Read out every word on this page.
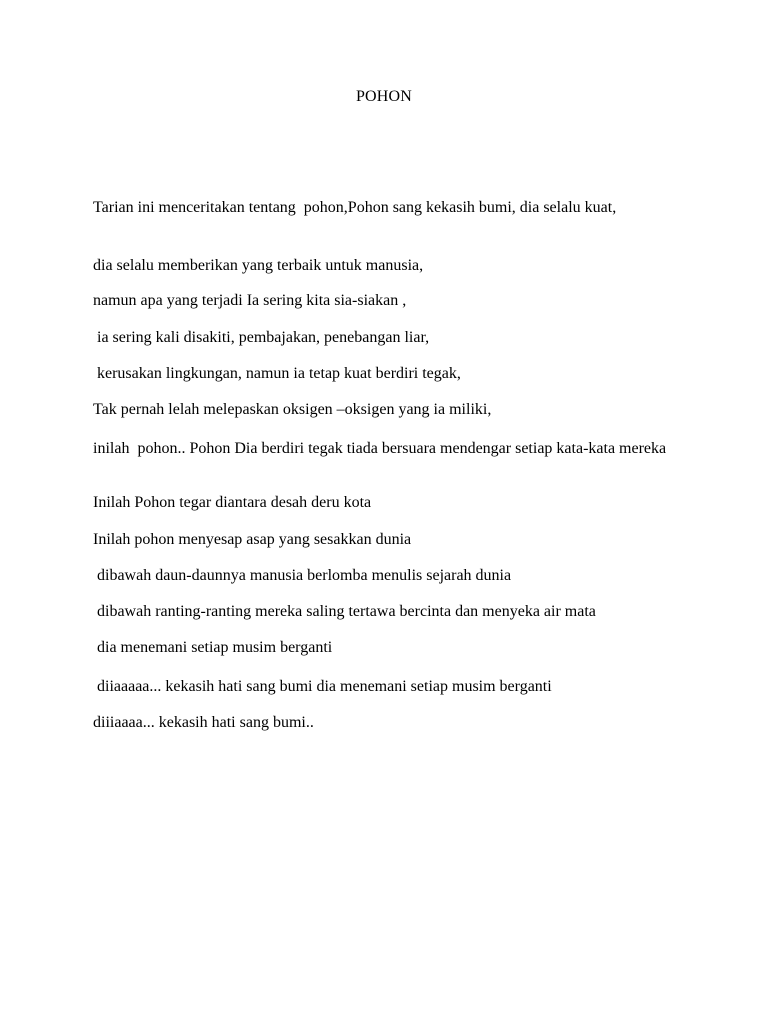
POHON
Tarian ini menceritakan tentang  pohon,Pohon sang kekasih bumi, dia selalu kuat,
dia selalu memberikan yang terbaik untuk manusia,
namun apa yang terjadi Ia sering kita sia-siakan ,
ia sering kali disakiti, pembajakan, penebangan liar,
kerusakan lingkungan, namun ia tetap kuat berdiri tegak,
Tak pernah lelah melepaskan oksigen –oksigen yang ia miliki,
inilah  pohon.. Pohon Dia berdiri tegak tiada bersuara mendengar setiap kata-kata mereka
Inilah Pohon tegar diantara desah deru kota
Inilah pohon menyesap asap yang sesakkan dunia
dibawah daun-daunnya manusia berlomba menulis sejarah dunia
dibawah ranting-ranting mereka saling tertawa bercinta dan menyeka air mata
dia menemani setiap musim berganti
diiaaaaa... kekasih hati sang bumi dia menemani setiap musim berganti
diiiaaaa... kekasih hati sang bumi..
